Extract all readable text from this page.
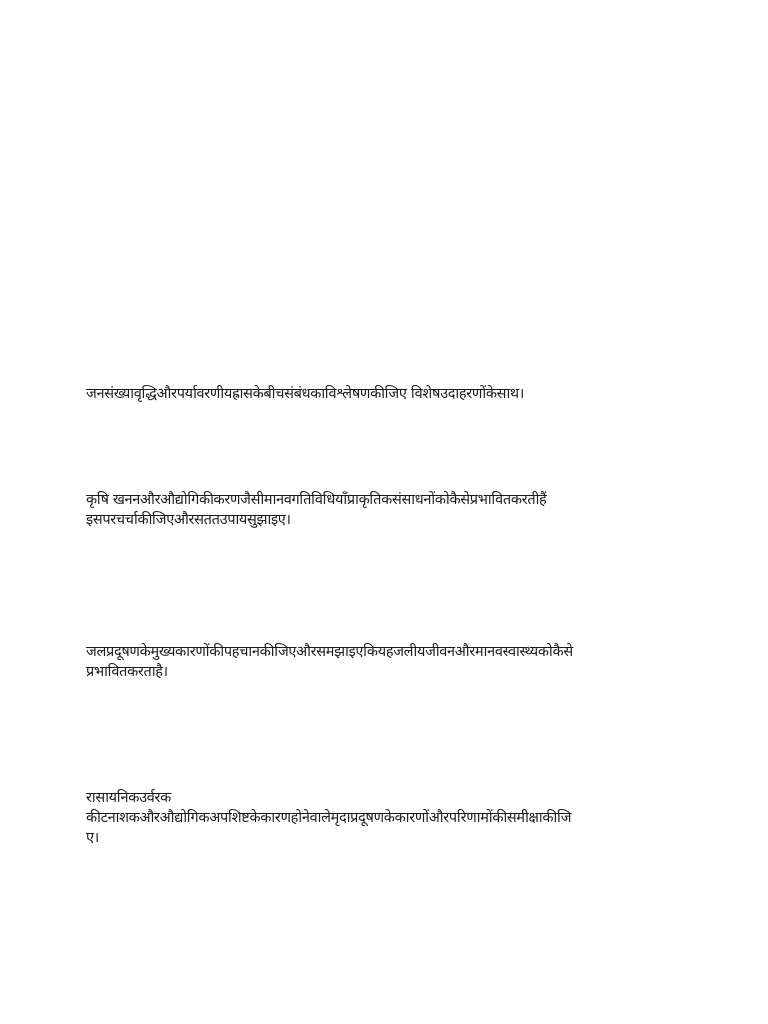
जनसंख्यावृद्धिऔरपर्यावरणीयह्रासकेबीचसंबंधकाविश्लेषणकीजिए विशेषउदाहरणोंकेसाथ।
कृषि खननऔरऔद्योगिकीकरणजैसीमानवगतिविधियाँप्राकृतिकसंसाधनोंकोकैसेप्रभावितकरतीहैं
इसपरचर्चाकीजिएऔरसततउपायसुझाइए।
जलप्रदूषणकेमुख्यकारणोंकीपहचानकीजिएऔरसमझाइएकियहजलीयजीवनऔरमानवस्वास्थ्यकोकैसे
प्रभावितकरताहै।
रासायनिकउर्वरक
कीटनाशकऔरऔद्योगिकअपशिष्टकेकारणहोनेवालेमृदाप्रदूषणकेकारणोंऔरपरिणामोंकीसमीक्षाकीजि
ए।
